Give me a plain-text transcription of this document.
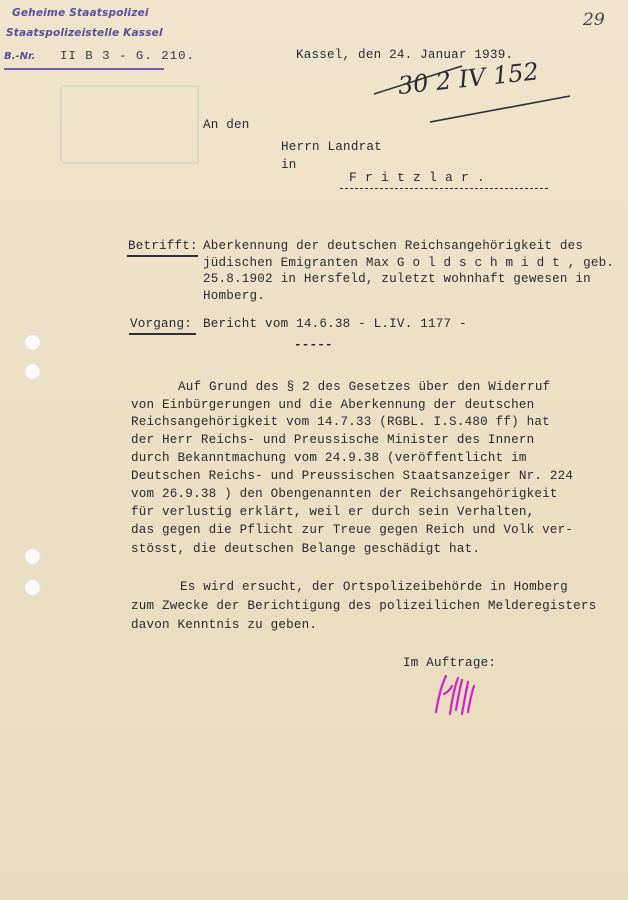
Geheime Staatspolizei
Staatspolizeistelle Kassel
B.-Nr. II B 3 - G. 210.
29
Kassel, den 24. Januar 1939.
30 2 IV 152
An den
Herrn Landrat
in
F r i t z l a r .
Betrifft: Aberkennung der deutschen Reichsangehörigkeit des
jüdischen Emigranten Max G o l d s c h m i d t , geb.
25.8.1902 in Hersfeld, zuletzt wohnhaft gewesen in
Homberg.
Vorgang: Bericht vom 14.6.38 - L.IV. 1177 -
-----
Auf Grund des § 2 des Gesetzes über den Widerruf
von Einbürgerungen und die Aberkennung der deutschen
Reichsangehörigkeit vom 14.7.33 (RGBL. I.S.480 ff) hat
der Herr Reichs- und Preussische Minister des Innern
durch Bekanntmachung vom 24.9.38 (veröffentlicht im
Deutschen Reichs- und Preussischen Staatsanzeiger Nr. 224
vom 26.9.38 ) den Obengenannten der Reichsangehörigkeit
für verlustig erklärt, weil er durch sein Verhalten,
das gegen die Pflicht zur Treue gegen Reich und Volk ver-
stösst, die deutschen Belange geschädigt hat.
Es wird ersucht, der Ortspolizeibehörde in Homberg
zum Zwecke der Berichtigung des polizeilichen Melderegisters
davon Kenntnis zu geben.
Im Auftrage:
